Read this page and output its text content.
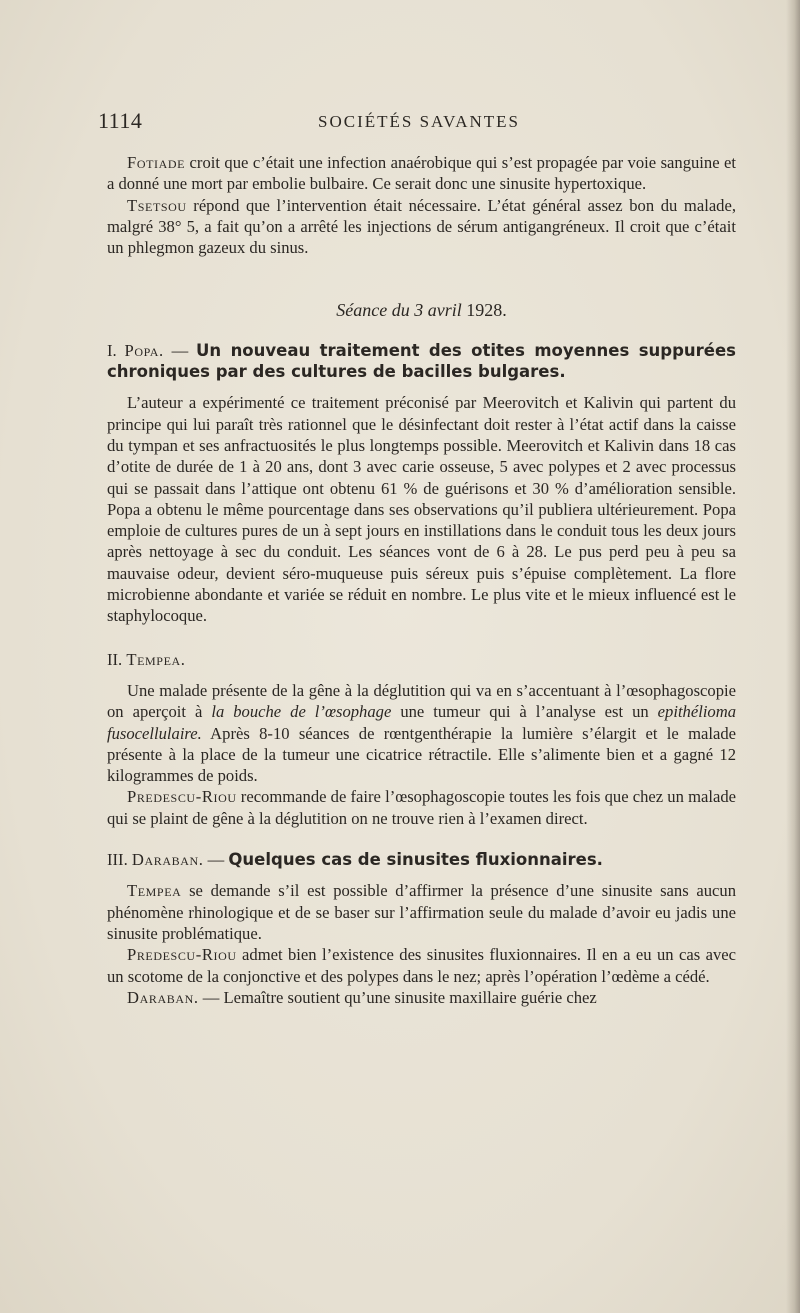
1114	SOCIÉTÉS SAVANTES

Fotiade croit que c’était une infection anaérobique qui s’est propagée par voie sanguine et a donné une mort par embolie bulbaire. Ce serait donc une sinusite hypertoxique.

Tsetsou répond que l’intervention était nécessaire. L’état général assez bon du malade, malgré 38° 5, a fait qu’on a arrêté les injections de sérum antigangréneux. Il croit que c’était un phlegmon gazeux du sinus.

Séance du 3 avril 1928.

I. Popa. — Un nouveau traitement des otites moyennes suppurées chroniques par des cultures de bacilles bulgares.

L’auteur a expérimenté ce traitement préconisé par Meerovitch et Kalivin qui partent du principe qui lui paraît très rationnel que le désinfectant doit rester à l’état actif dans la caisse du tympan et ses anfractuosités le plus longtemps possible. Meerovitch et Kalivin dans 18 cas d’otite de durée de 1 à 20 ans, dont 3 avec carie osseuse, 5 avec polypes et 2 avec processus qui se passait dans l’attique ont obtenu 61 % de guérisons et 30 % d’amélioration sensible. Popa a obtenu le même pourcentage dans ses observations qu’il publiera ultérieurement. Popa emploie de cultures pures de un à sept jours en instillations dans le conduit tous les deux jours après nettoyage à sec du conduit. Les séances vont de 6 à 28. Le pus perd peu à peu sa mauvaise odeur, devient séro-muqueuse puis séreux puis s’épuise complètement. La flore microbienne abondante et variée se réduit en nombre. Le plus vite et le mieux influencé est le staphylocoque.

II. Tempea.

Une malade présente de la gêne à la déglutition qui va en s’accentuant à l’œsophagoscopie on aperçoit à la bouche de l’œsophage une tumeur qui à l’analyse est un epithélioma fusocellulaire. Après 8-10 séances de rœntgenthérapie la lumière s’élargit et le malade présente à la place de la tumeur une cicatrice rétractile. Elle s’alimente bien et a gagné 12 kilogrammes de poids.

Predescu-Riou recommande de faire l’œsophagoscopie toutes les fois que chez un malade qui se plaint de gêne à la déglutition on ne trouve rien à l’examen direct.

III. Daraban. — Quelques cas de sinusites fluxionnaires.

Tempea se demande s’il est possible d’affirmer la présence d’une sinusite sans aucun phénomène rhinologique et de se baser sur l’affirmation seule du malade d’avoir eu jadis une sinusite problématique.

Predescu-Riou admet bien l’existence des sinusites fluxionnaires. Il en a eu un cas avec un scotome de la conjonctive et des polypes dans le nez; après l’opération l’œdème a cédé.

Daraban. — Lemaître soutient qu’une sinusite maxillaire guérie chez
